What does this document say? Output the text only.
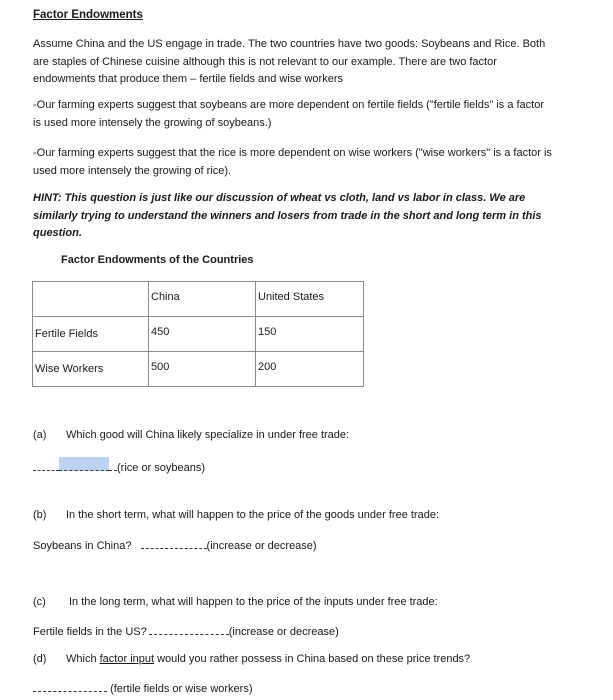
Factor Endowments
Assume China and the US engage in trade. The two countries have two goods: Soybeans and Rice. Both are staples of Chinese cuisine although this is not relevant to our example. There are two factor endowments that produce them – fertile fields and wise workers
-Our farming experts suggest that soybeans are more dependent on fertile fields ("fertile fields" is a factor is used more intensely the growing of soybeans.)
-Our farming experts suggest that the rice is more dependent on wise workers ("wise workers" is a factor is used more intensely the growing of rice).
HINT: This question is just like our discussion of wheat vs cloth, land vs labor in class. We are similarly trying to understand the winners and losers from trade in the short and long term in this question.
Factor Endowments of the Countries
	China	United States
Fertile Fields	450	150
Wise Workers	500	200
(a) Which good will China likely specialize in under free trade:
(rice or soybeans)
(b) In the short term, what will happen to the price of the goods under free trade:
Soybeans in China?	(increase or decrease)
(c) In the long term, what will happen to the price of the inputs under free trade:
Fertile fields in the US?	(increase or decrease)
(d) Which factor input would you rather possess in China based on these price trends?
(fertile fields or wise workers)
